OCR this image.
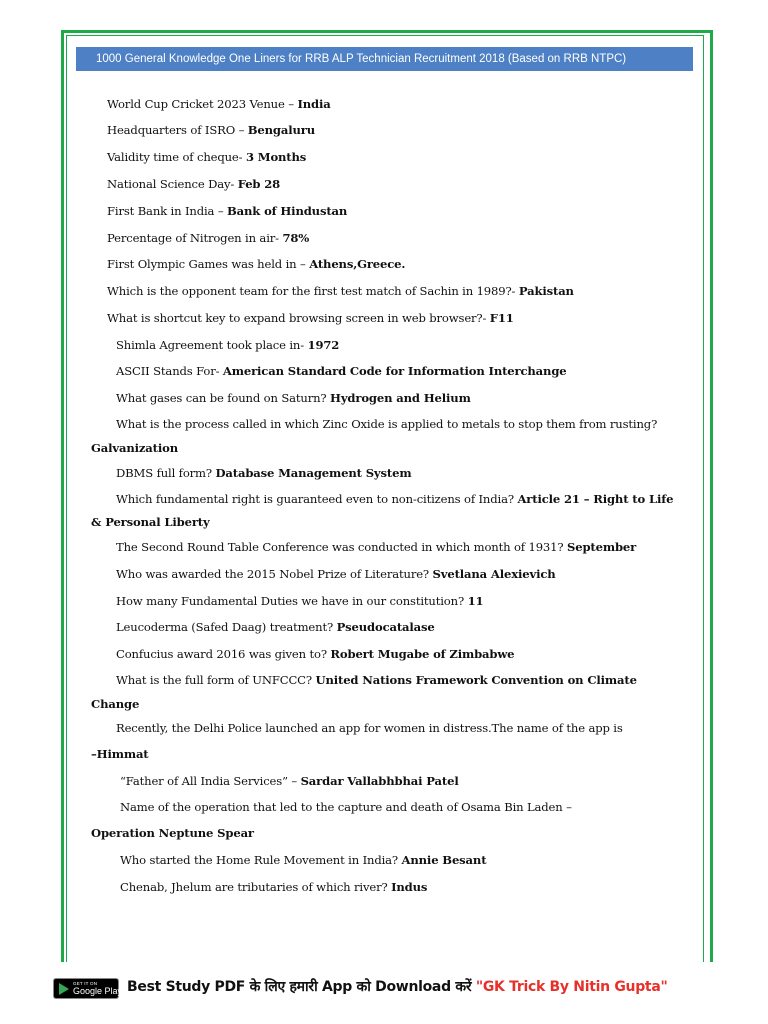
1000 General Knowledge One Liners for RRB ALP Technician Recruitment 2018 (Based on RRB NTPC)
World Cup Cricket 2023 Venue – India
Headquarters of ISRO – Bengaluru
Validity time of cheque- 3 Months
National Science Day- Feb 28
First Bank in India – Bank of Hindustan
Percentage of Nitrogen in air- 78%
First Olympic Games was held in – Athens,Greece.
Which is the opponent team for the first test match of Sachin in 1989?- Pakistan
What is shortcut key to expand browsing screen in web browser?- F11
Shimla Agreement took place in- 1972
ASCII Stands For- American Standard Code for Information Interchange
What gases can be found on Saturn? Hydrogen and Helium
What is the process called in which Zinc Oxide is applied to metals to stop them from rusting?
Galvanization
DBMS full form? Database Management System
Which fundamental right is guaranteed even to non-citizens of India? Article 21 – Right to Life
& Personal Liberty
The Second Round Table Conference was conducted in which month of 1931? September
Who was awarded the 2015 Nobel Prize of Literature? Svetlana Alexievich
How many Fundamental Duties we have in our constitution? 11
Leucoderma (Safed Daag) treatment? Pseudocatalase
Confucius award 2016 was given to? Robert Mugabe of Zimbabwe
What is the full form of UNFCCC? United Nations Framework Convention on Climate
Change
Recently, the Delhi Police launched an app for women in distress.The name of the app is
–Himmat
“Father of All India Services” – Sardar Vallabhbhai Patel
Name of the operation that led to the capture and death of Osama Bin Laden –
Operation Neptune Spear
Who started the Home Rule Movement in India? Annie Besant
Chenab, Jhelum are tributaries of which river? Indus
GET IT ON
Google Play Best Study PDF के लिए हमारी App को Download करें "GK Trick By Nitin Gupta"
